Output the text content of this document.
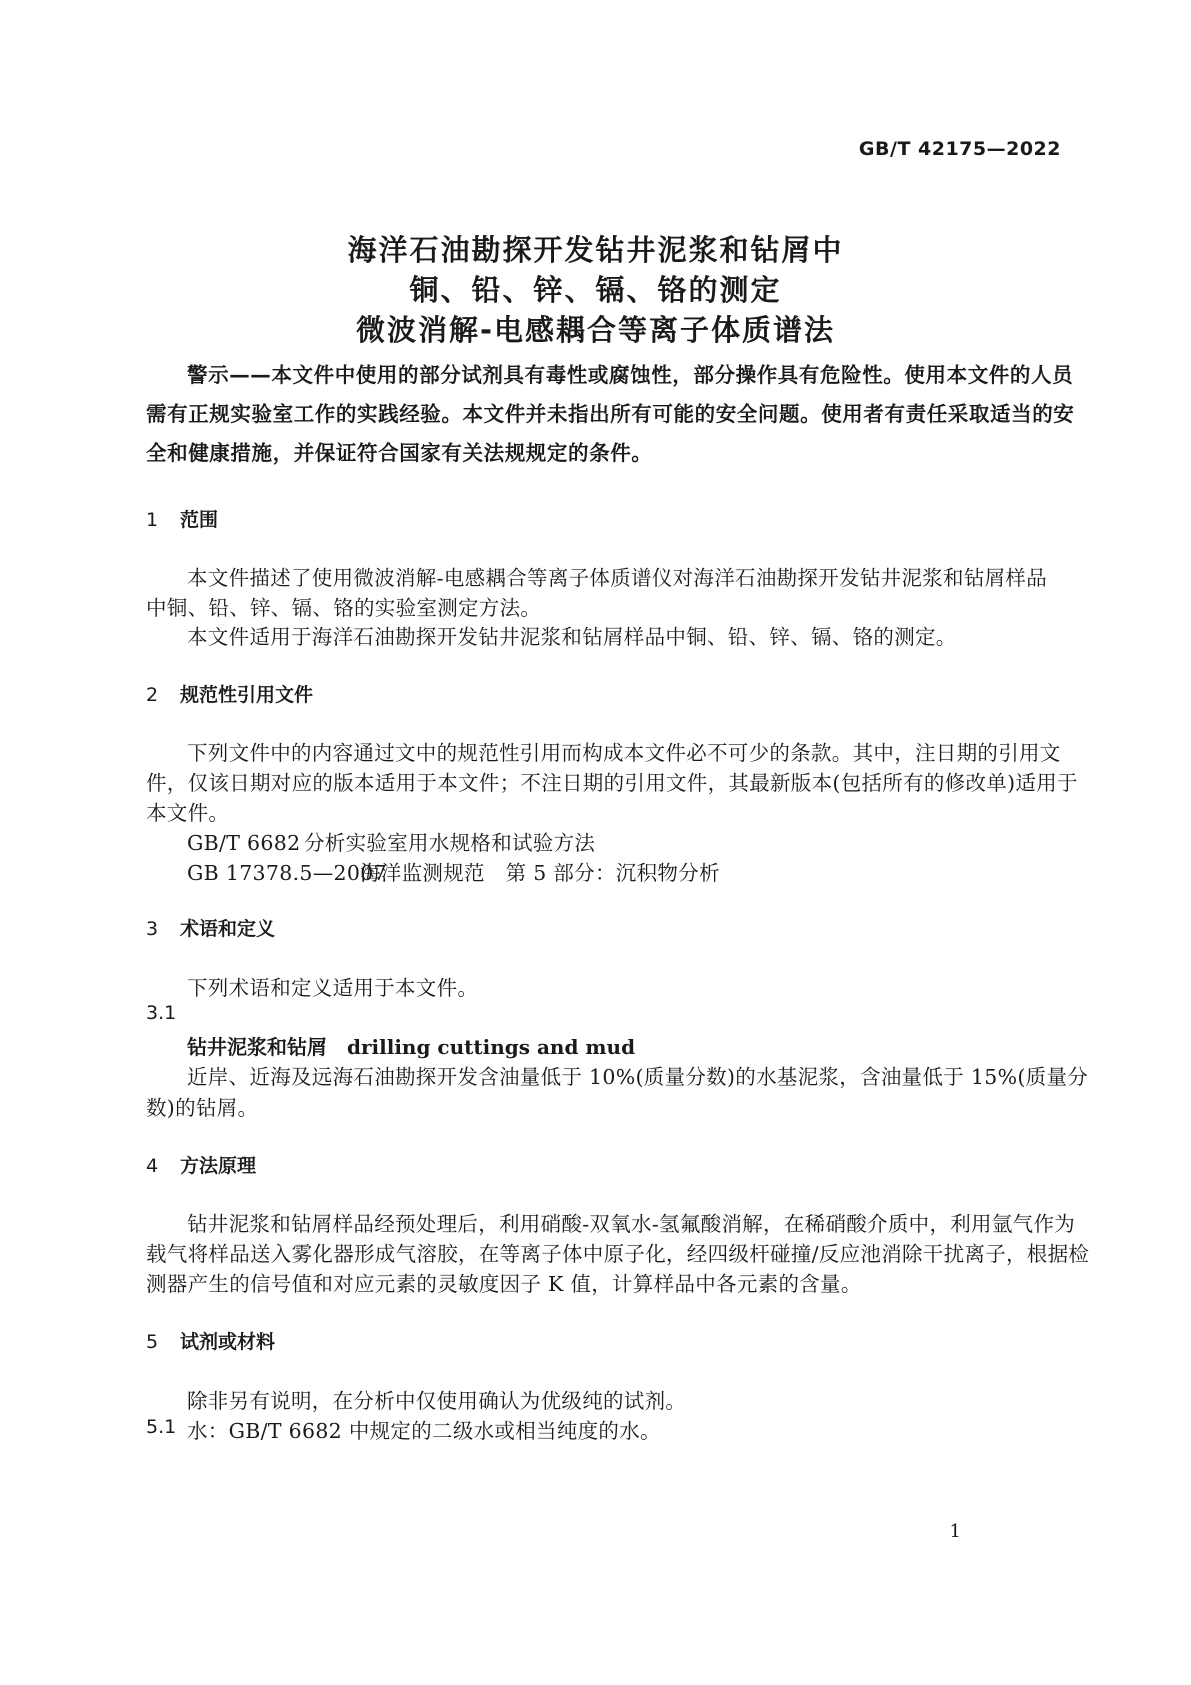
GB/T 42175—2022
海洋石油勘探开发钻井泥浆和钻屑中
铜、铅、锌、镉、铬的测定
微波消解-电感耦合等离子体质谱法
警示——本文件中使用的部分试剂具有毒性或腐蚀性，部分操作具有危险性。使用本文件的人员
需有正规实验室工作的实践经验。本文件并未指出所有可能的安全问题。使用者有责任采取适当的安
全和健康措施，并保证符合国家有关法规规定的条件。
1 范围
本文件描述了使用微波消解-电感耦合等离子体质谱仪对海洋石油勘探开发钻井泥浆和钻屑样品
中铜、铅、锌、镉、铬的实验室测定方法。
本文件适用于海洋石油勘探开发钻井泥浆和钻屑样品中铜、铅、锌、镉、铬的测定。
2 规范性引用文件
下列文件中的内容通过文中的规范性引用而构成本文件必不可少的条款。其中，注日期的引用文
件，仅该日期对应的版本适用于本文件；不注日期的引用文件，其最新版本(包括所有的修改单)适用于
本文件。
GB/T 6682 分析实验室用水规格和试验方法
GB 17378.5—2007海洋监测规范　第 5 部分：沉积物分析
3 术语和定义
下列术语和定义适用于本文件。
3.1
钻井泥浆和钻屑 drilling cuttings and mud
近岸、近海及远海石油勘探开发含油量低于 10%(质量分数)的水基泥浆，含油量低于 15%(质量分
数)的钻屑。
4 方法原理
钻井泥浆和钻屑样品经预处理后，利用硝酸-双氧水-氢氟酸消解，在稀硝酸介质中，利用氩气作为
载气将样品送入雾化器形成气溶胶，在等离子体中原子化，经四级杆碰撞/反应池消除干扰离子，根据检
测器产生的信号值和对应元素的灵敏度因子 K 值，计算样品中各元素的含量。
5 试剂或材料
除非另有说明，在分析中仅使用确认为优级纯的试剂。
5.1 水：GB/T 6682 中规定的二级水或相当纯度的水。
1
